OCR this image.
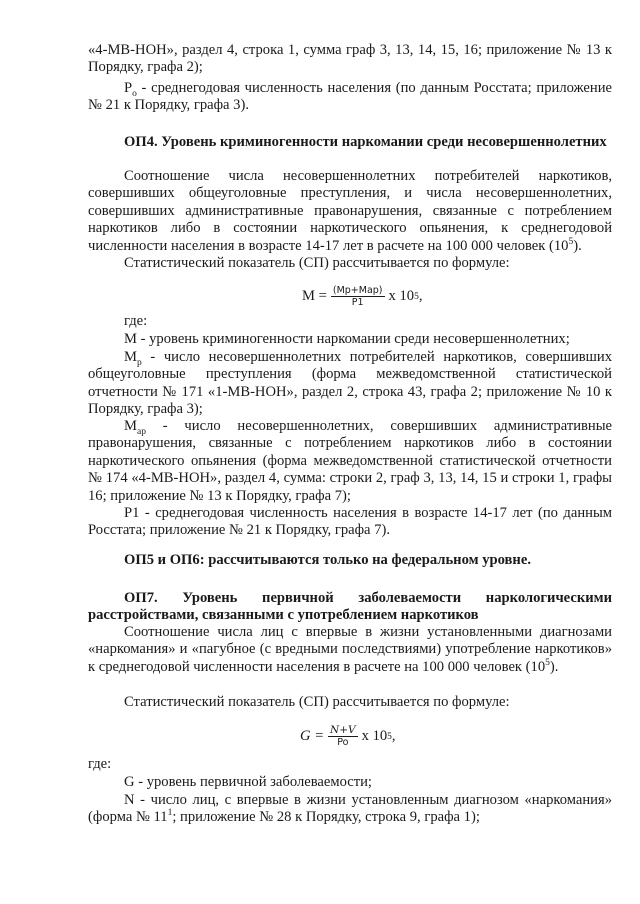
«4-МВ-НОН», раздел 4, строка 1, сумма граф 3, 13, 14, 15, 16; приложение № 13 к Порядку, графа 2);

$Р_о$ - среднегодовая численность населения (по данным Росстата; приложение № 21 к Порядку, графа 3).

ОП4. Уровень криминогенности наркомании среди несовершеннолетних

Соотношение числа несовершеннолетних потребителей наркотиков, совершивших общеуголовные преступления, и числа несовершеннолетних, совершивших административные правонарушения, связанные с потреблением наркотиков либо в состоянии наркотического опьянения, к среднегодовой численности населения в возрасте 14-17 лет в расчете на 100 000 человек $(10^5)$.

Статистический показатель (СП) рассчитывается по формуле:

$М = \frac{\text{(Мр+Мар)}}{Р1}$ х 10 5 ,

где:

М - уровень криминогенности наркомании среди несовершеннолетних;

$М_р$ - число несовершеннолетних потребителей наркотиков, совершивших общеуголовные преступления (форма межведомственной статистической отчетности № 171 «1-МВ-НОН», раздел 2, строка 43, графа 2; приложение № 10 к Порядку, графа 3);

$М_{ар}$ - число несовершеннолетних, совершивших административные правонарушения, связанные с потреблением наркотиков либо в состоянии наркотического опьянения (форма межведомственной статистической отчетности № 174 «4-МВ-НОН», раздел 4, сумма: строки 2, граф 3, 13, 14, 15 и строки 1, графы 16; приложение № 13 к Порядку, графа 7);

Р1 - среднегодовая численность населения в возрасте 14-17 лет (по данным Росстата; приложение № 21 к Порядку, графа 7).

ОП5 и ОП6: рассчитываются только на федеральном уровне.

ОП7. Уровень первичной заболеваемости наркологическими расстройствами, связанными с употреблением наркотиков

Соотношение числа лиц с впервые в жизни установленными диагнозами «наркомания» и «пагубное (с вредными последствиями) употребление наркотиков» к среднегодовой численности населения в расчете на 100 000 человек $(10^5)$.

Статистический показатель (СП) рассчитывается по формуле:

$G = \frac{N+V}{Po}$ x 10 5 ,

где:

G - уровень первичной заболеваемости;

N - число лиц, с впервые в жизни установленным диагнозом «наркомания» (форма № $11^1$; приложение № 28 к Порядку, строка 9, графа 1);
